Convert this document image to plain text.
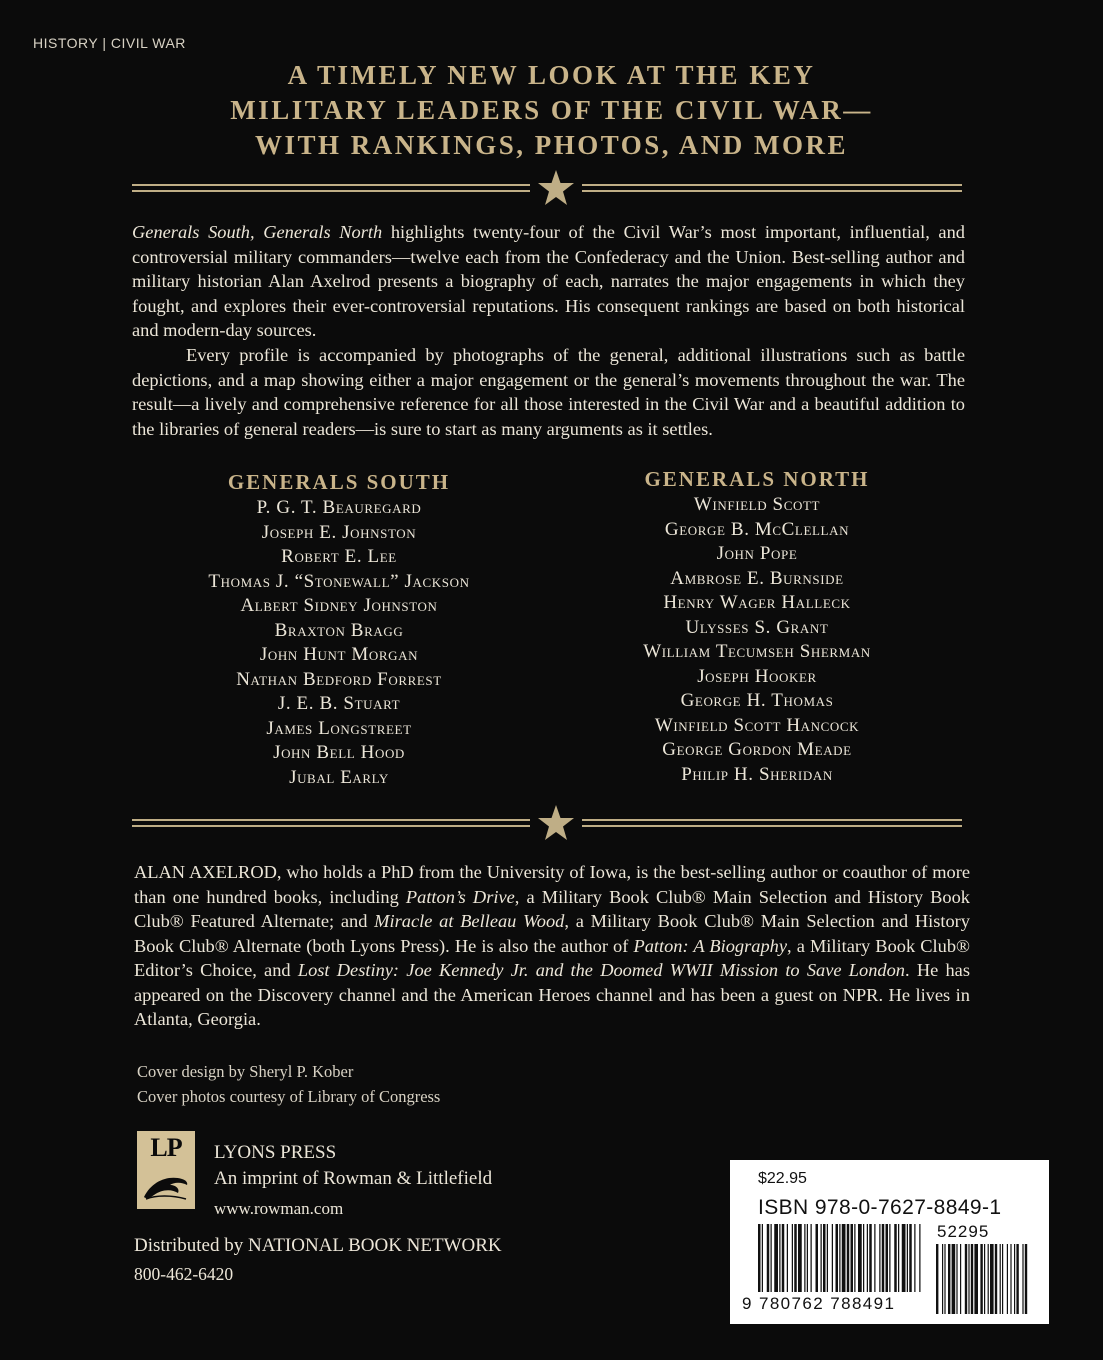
HISTORY | CIVIL WAR
A TIMELY NEW LOOK AT THE KEY
MILITARY LEADERS OF THE CIVIL WAR—
WITH RANKINGS, PHOTOS, AND MORE

Generals South, Generals North highlights twenty-four of the Civil War’s most important, influential, and controversial military commanders—twelve each from the Confederacy and the Union. Best-selling author and military historian Alan Axelrod presents a biography of each, narrates the major engagements in which they fought, and explores their ever-controversial reputations. His consequent rankings are based on both historical and modern-day sources.

Every profile is accompanied by photographs of the general, additional illustrations such as battle depictions, and a map showing either a major engagement or the general’s movements throughout the war. The result—a lively and comprehensive reference for all those interested in the Civil War and a beautiful addition to the libraries of general readers—is sure to start as many arguments as it settles.

GENERALS SOUTH
P. G. T. Beauregard
Joseph E. Johnston
Robert E. Lee
Thomas J. “Stonewall” Jackson
Albert Sidney Johnston
Braxton Bragg
John Hunt Morgan
Nathan Bedford Forrest
J. E. B. Stuart
James Longstreet
John Bell Hood
Jubal Early
GENERALS NORTH
Winfield Scott
George B. McClellan
John Pope
Ambrose E. Burnside
Henry Wager Halleck
Ulysses S. Grant
William Tecumseh Sherman
Joseph Hooker
George H. Thomas
Winfield Scott Hancock
George Gordon Meade
Philip H. Sheridan

ALAN AXELROD, who holds a PhD from the University of Iowa, is the best-selling author or coauthor of more than one hundred books, including Patton’s Drive, a Military Book Club® Main Selection and History Book Club® Featured Alternate; and Miracle at Belleau Wood, a Military Book Club® Main Selection and History Book Club® Alternate (both Lyons Press). He is also the author of Patton: A Biography, a Military Book Club® Editor’s Choice, and Lost Destiny: Joe Kennedy Jr. and the Doomed WWII Mission to Save London. He has appeared on the Discovery channel and the American Heroes channel and has been a guest on NPR. He lives in Atlanta, Georgia.

Cover design by Sheryl P. Kober
Cover photos courtesy of Library of Congress
LP	LYONS PRESS
An imprint of Rowman & Littlefield
www.rowman.com
Distributed by NATIONAL BOOK NETWORK
800-462-6420
$22.95
ISBN 978-0-7627-8849-1
52295
9 780762 788491
